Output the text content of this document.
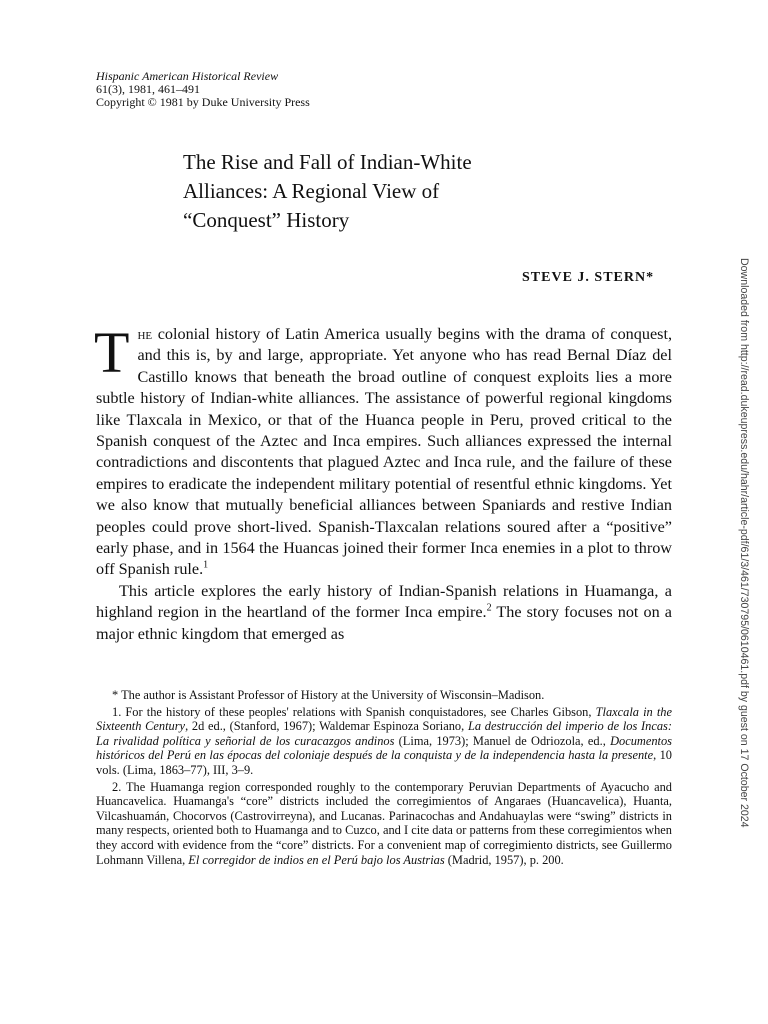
Hispanic American Historical Review
61(3), 1981, 461–491
Copyright © 1981 by Duke University Press
The Rise and Fall of Indian-White
Alliances: A Regional View of
“Conquest” History
STEVE J. STERN*

The colonial history of Latin America usually begins with the drama of conquest, and this is, by and large, appropriate. Yet anyone who has read Bernal Díaz del Castillo knows that beneath the broad outline of conquest exploits lies a more subtle history of Indian-white alliances. The assistance of powerful regional kingdoms like Tlaxcala in Mexico, or that of the Huanca people in Peru, proved critical to the Spanish conquest of the Aztec and Inca empires. Such alliances expressed the internal contradictions and discontents that plagued Aztec and Inca rule, and the failure of these empires to eradicate the independent military potential of resentful ethnic kingdoms. Yet we also know that mutually beneficial alliances between Spaniards and restive Indian peoples could prove short-lived. Spanish-Tlaxcalan relations soured after a “positive” early phase, and in 1564 the Huancas joined their former Inca enemies in a plot to throw off Spanish rule.$^1$

This article explores the early history of Indian-Spanish relations in Huamanga, a highland region in the heartland of the former Inca empire.$^2$ The story focuses not on a major ethnic kingdom that emerged as

* The author is Assistant Professor of History at the University of Wisconsin–Madison.

1. For the history of these peoples' relations with Spanish conquistadores, see Charles Gibson, Tlaxcala in the Sixteenth Century, 2d ed., (Stanford, 1967); Waldemar Espinoza Soriano, La destrucción del imperio de los Incas: La rivalidad política y señorial de los curacazgos andinos (Lima, 1973); Manuel de Odriozola, ed., Documentos históricos del Perú en las épocas del coloniaje después de la conquista y de la independencia hasta la presente, 10 vols. (Lima, 1863–77), III, 3–9.

2. The Huamanga region corresponded roughly to the contemporary Peruvian Departments of Ayacucho and Huancavelica. Huamanga's “core” districts included the corregimientos of Angaraes (Huancavelica), Huanta, Vilcashuamán, Chocorvos (Castrovirreyna), and Lucanas. Parinacochas and Andahuaylas were “swing” districts in many respects, oriented both to Huamanga and to Cuzco, and I cite data or patterns from these corregimientos when they accord with evidence from the “core” districts. For a convenient map of corregimiento districts, see Guillermo Lohmann Villena, El corregidor de indios en el Perú bajo los Austrias (Madrid, 1957), p. 200.

Downloaded from http://read.dukeupress.edu/hahr/article-pdf/61/3/461/730795/0610461.pdf by guest on 17 October 2024
